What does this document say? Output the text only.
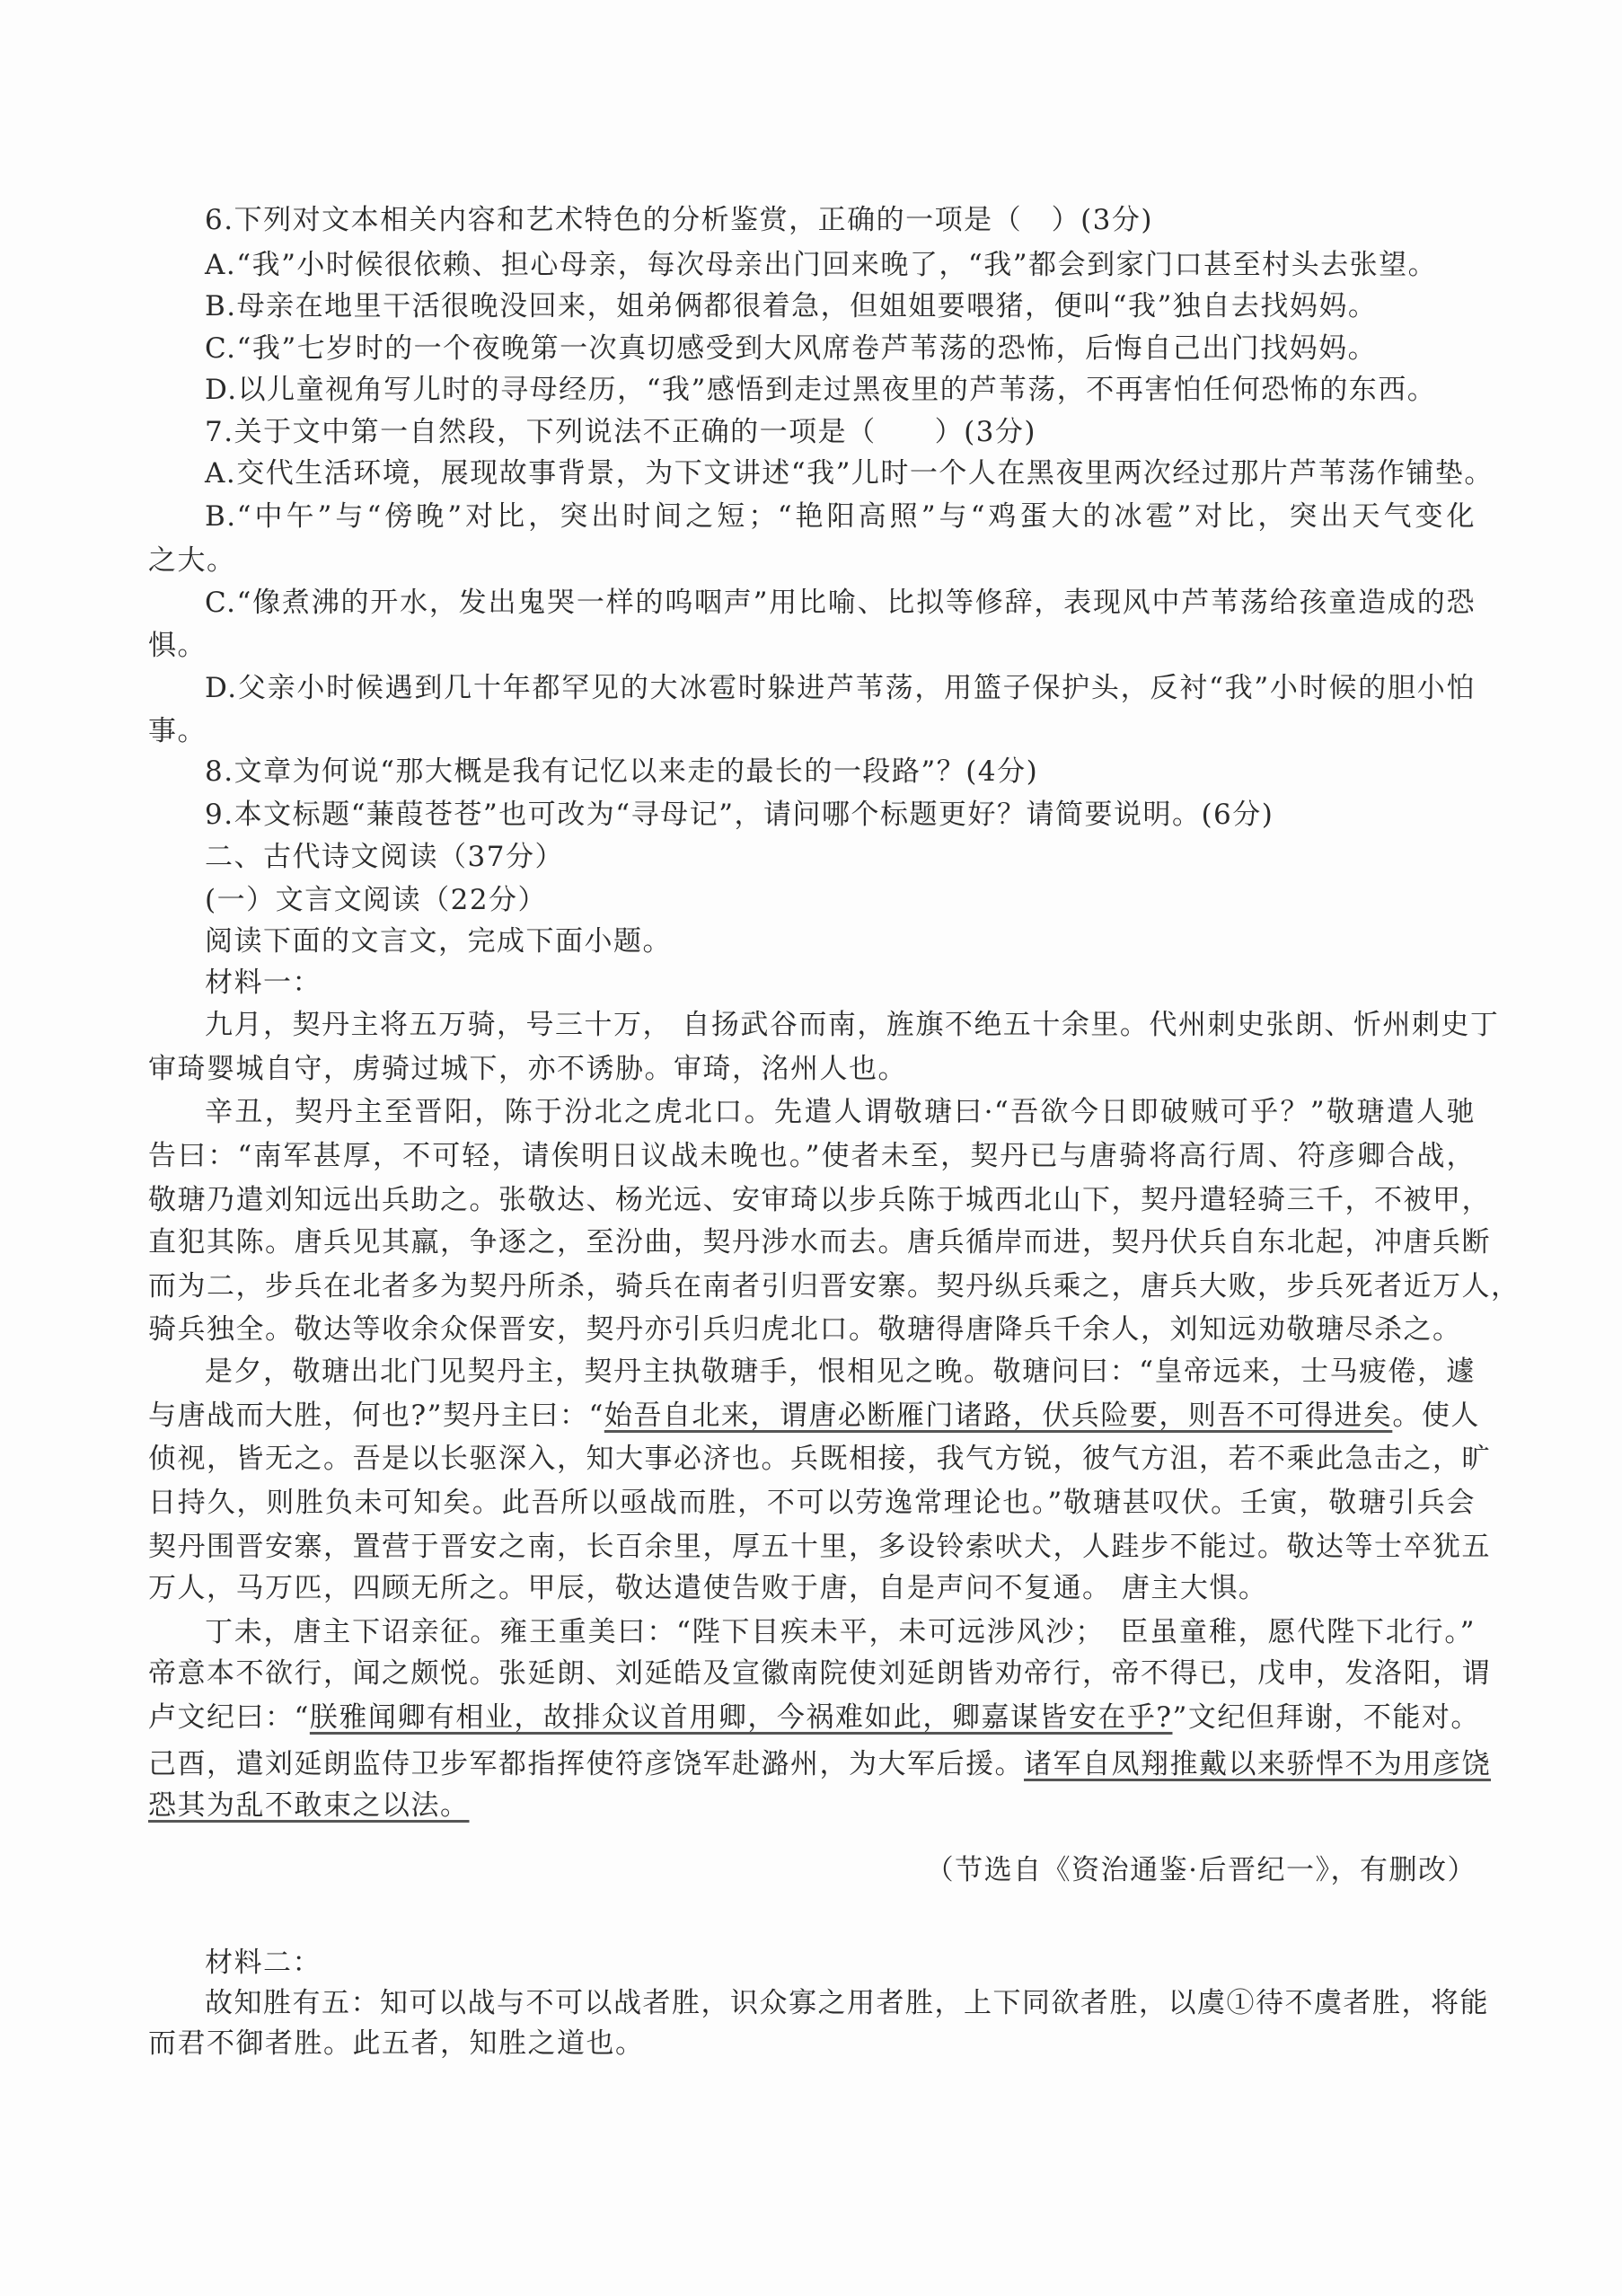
6.下列对文本相关内容和艺术特色的分析鉴赏，正确的一项是（　）(3分)
A.“我”小时候很依赖、担心母亲，每次母亲出门回来晚了，“我”都会到家门口甚至村头去张望。
B.母亲在地里干活很晚没回来，姐弟俩都很着急，但姐姐要喂猪，便叫“我”独自去找妈妈。
C.“我”七岁时的一个夜晚第一次真切感受到大风席卷芦苇荡的恐怖，后悔自己出门找妈妈。
D.以儿童视角写儿时的寻母经历，“我”感悟到走过黑夜里的芦苇荡，不再害怕任何恐怖的东西。
7.关于文中第一自然段，下列说法不正确的一项是（　　）(3分)
A.交代生活环境，展现故事背景，为下文讲述“我”儿时一个人在黑夜里两次经过那片芦苇荡作铺垫。
B.“中午”与“傍晚”对比，突出时间之短；“艳阳高照”与“鸡蛋大的冰雹”对比，突出天气变化
之大。
C.“像煮沸的开水，发出鬼哭一样的呜咽声”用比喻、比拟等修辞，表现风中芦苇荡给孩童造成的恐
惧。
D.父亲小时候遇到几十年都罕见的大冰雹时躲进芦苇荡，用篮子保护头，反衬“我”小时候的胆小怕
事。
8.文章为何说“那大概是我有记忆以来走的最长的一段路”？(4分)
9.本文标题“蒹葭苍苍”也可改为“寻母记”，请问哪个标题更好？请简要说明。(6分)
二、古代诗文阅读（37分）
(一）文言文阅读（22分）
阅读下面的文言文，完成下面小题。
材料一：
九月，契丹主将五万骑，号三十万， 自扬武谷而南，旌旗不绝五十余里。代州刺史张朗、忻州刺史丁
审琦婴城自守，虏骑过城下，亦不诱胁。审琦，洺州人也。
辛丑，契丹主至晋阳，陈于汾北之虎北口。先遣人谓敬瑭曰·“吾欲今日即破贼可乎？”敬瑭遣人驰
告曰：“南军甚厚，不可轻，请俟明日议战未晚也。”使者未至，契丹已与唐骑将高行周、符彦卿合战，
敬瑭乃遣刘知远出兵助之。张敬达、杨光远、安审琦以步兵陈于城西北山下，契丹遣轻骑三千，不被甲，
直犯其陈。唐兵见其羸，争逐之，至汾曲，契丹涉水而去。唐兵循岸而进，契丹伏兵自东北起，冲唐兵断
而为二，步兵在北者多为契丹所杀，骑兵在南者引归晋安寨。契丹纵兵乘之，唐兵大败，步兵死者近万人，
骑兵独全。敬达等收余众保晋安，契丹亦引兵归虎北口。敬瑭得唐降兵千余人，刘知远劝敬瑭尽杀之。
是夕，敬瑭出北门见契丹主，契丹主执敬瑭手，恨相见之晚。敬瑭问曰：“皇帝远来，士马疲倦，遽
与唐战而大胜，何也?”契丹主曰：“始吾自北来，谓唐必断雁门诸路，伏兵险要，则吾不可得进矣。使人
侦视，皆无之。吾是以长驱深入，知大事必济也。兵既相接，我气方锐，彼气方沮，若不乘此急击之，旷
日持久，则胜负未可知矣。此吾所以亟战而胜，不可以劳逸常理论也。”敬瑭甚叹伏。壬寅，敬瑭引兵会
契丹围晋安寨，置营于晋安之南，长百余里，厚五十里，多设铃索吠犬，人跬步不能过。敬达等士卒犹五
万人，马万匹，四顾无所之。甲辰，敬达遣使告败于唐，自是声问不复通。 唐主大惧。
丁未，唐主下诏亲征。雍王重美曰：“陛下目疾未平，未可远涉风沙；　臣虽童稚，愿代陛下北行。”
帝意本不欲行，闻之颇悦。张延朗、刘延皓及宣徽南院使刘延朗皆劝帝行，帝不得已，戊申，发洛阳，谓
卢文纪曰：“朕雅闻卿有相业，故排众议首用卿，今祸难如此，卿嘉谋皆安在乎?”文纪但拜谢，不能对。
己酉，遣刘延朗监侍卫步军都指挥使符彦饶军赴潞州，为大军后援。诸军自凤翔推戴以来骄悍不为用彦饶
恐其为乱不敢束之以法。
（节选自《资治通鉴·后晋纪一》，有删改）
材料二：
故知胜有五：知可以战与不可以战者胜，识众寡之用者胜，上下同欲者胜，以虞①待不虞者胜，将能
而君不御者胜。此五者，知胜之道也。
